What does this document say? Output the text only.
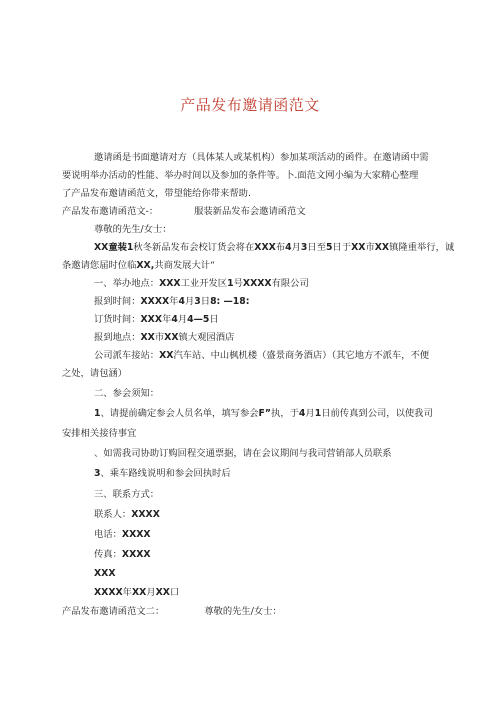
产品发布邀请函范文
邀请函是书面邀请对方（具体某人或某机构）参加某项活动的函件。在邀请函中需
要说明举办活动的性能、举办时间以及参加的条件等。卜.面范文网小编为大家精心整理
了产品发布邀请函范文，带望能给你带来帮助.
产品发布邀请函范文-：	服装新品发布会邀请函范文
尊敬的先生/女士：
XX童装1秋冬新品发布会校订货会将在XXX布4月3日至5日于XX市XX镇隆重举行，诚
条邀请您届时位临XX,共商发展大计“
一、举办地点：XXX工业开发区1号XXXX有限公司
报到时间：XXXX年4月3日8: —18:
订货时间：XXX年4月4—5日
报到地点：XX市XX镇大观园酒店
公司派车接站：XX汽车站、中山枫机楼（盛景商务酒店）（其它地方不派车，不便
之处，请包涵）
二、参会须知：
1、请提前确定参会人员名单，填写参会F”执，于4月1日前传真到公司，以使我司
安排相关接待事宜
、如需我司协助订购回程交通票据，请在会议期间与我司营销部人员联系
3、乘车路线说明和参会回执时后
三、联系方式：
联系人：XXXX
电话：XXXX
传真：XXXX
XXX
XXXX年XX月XX口
产品发布邀请函范文二：	尊敬的先生/女士：
